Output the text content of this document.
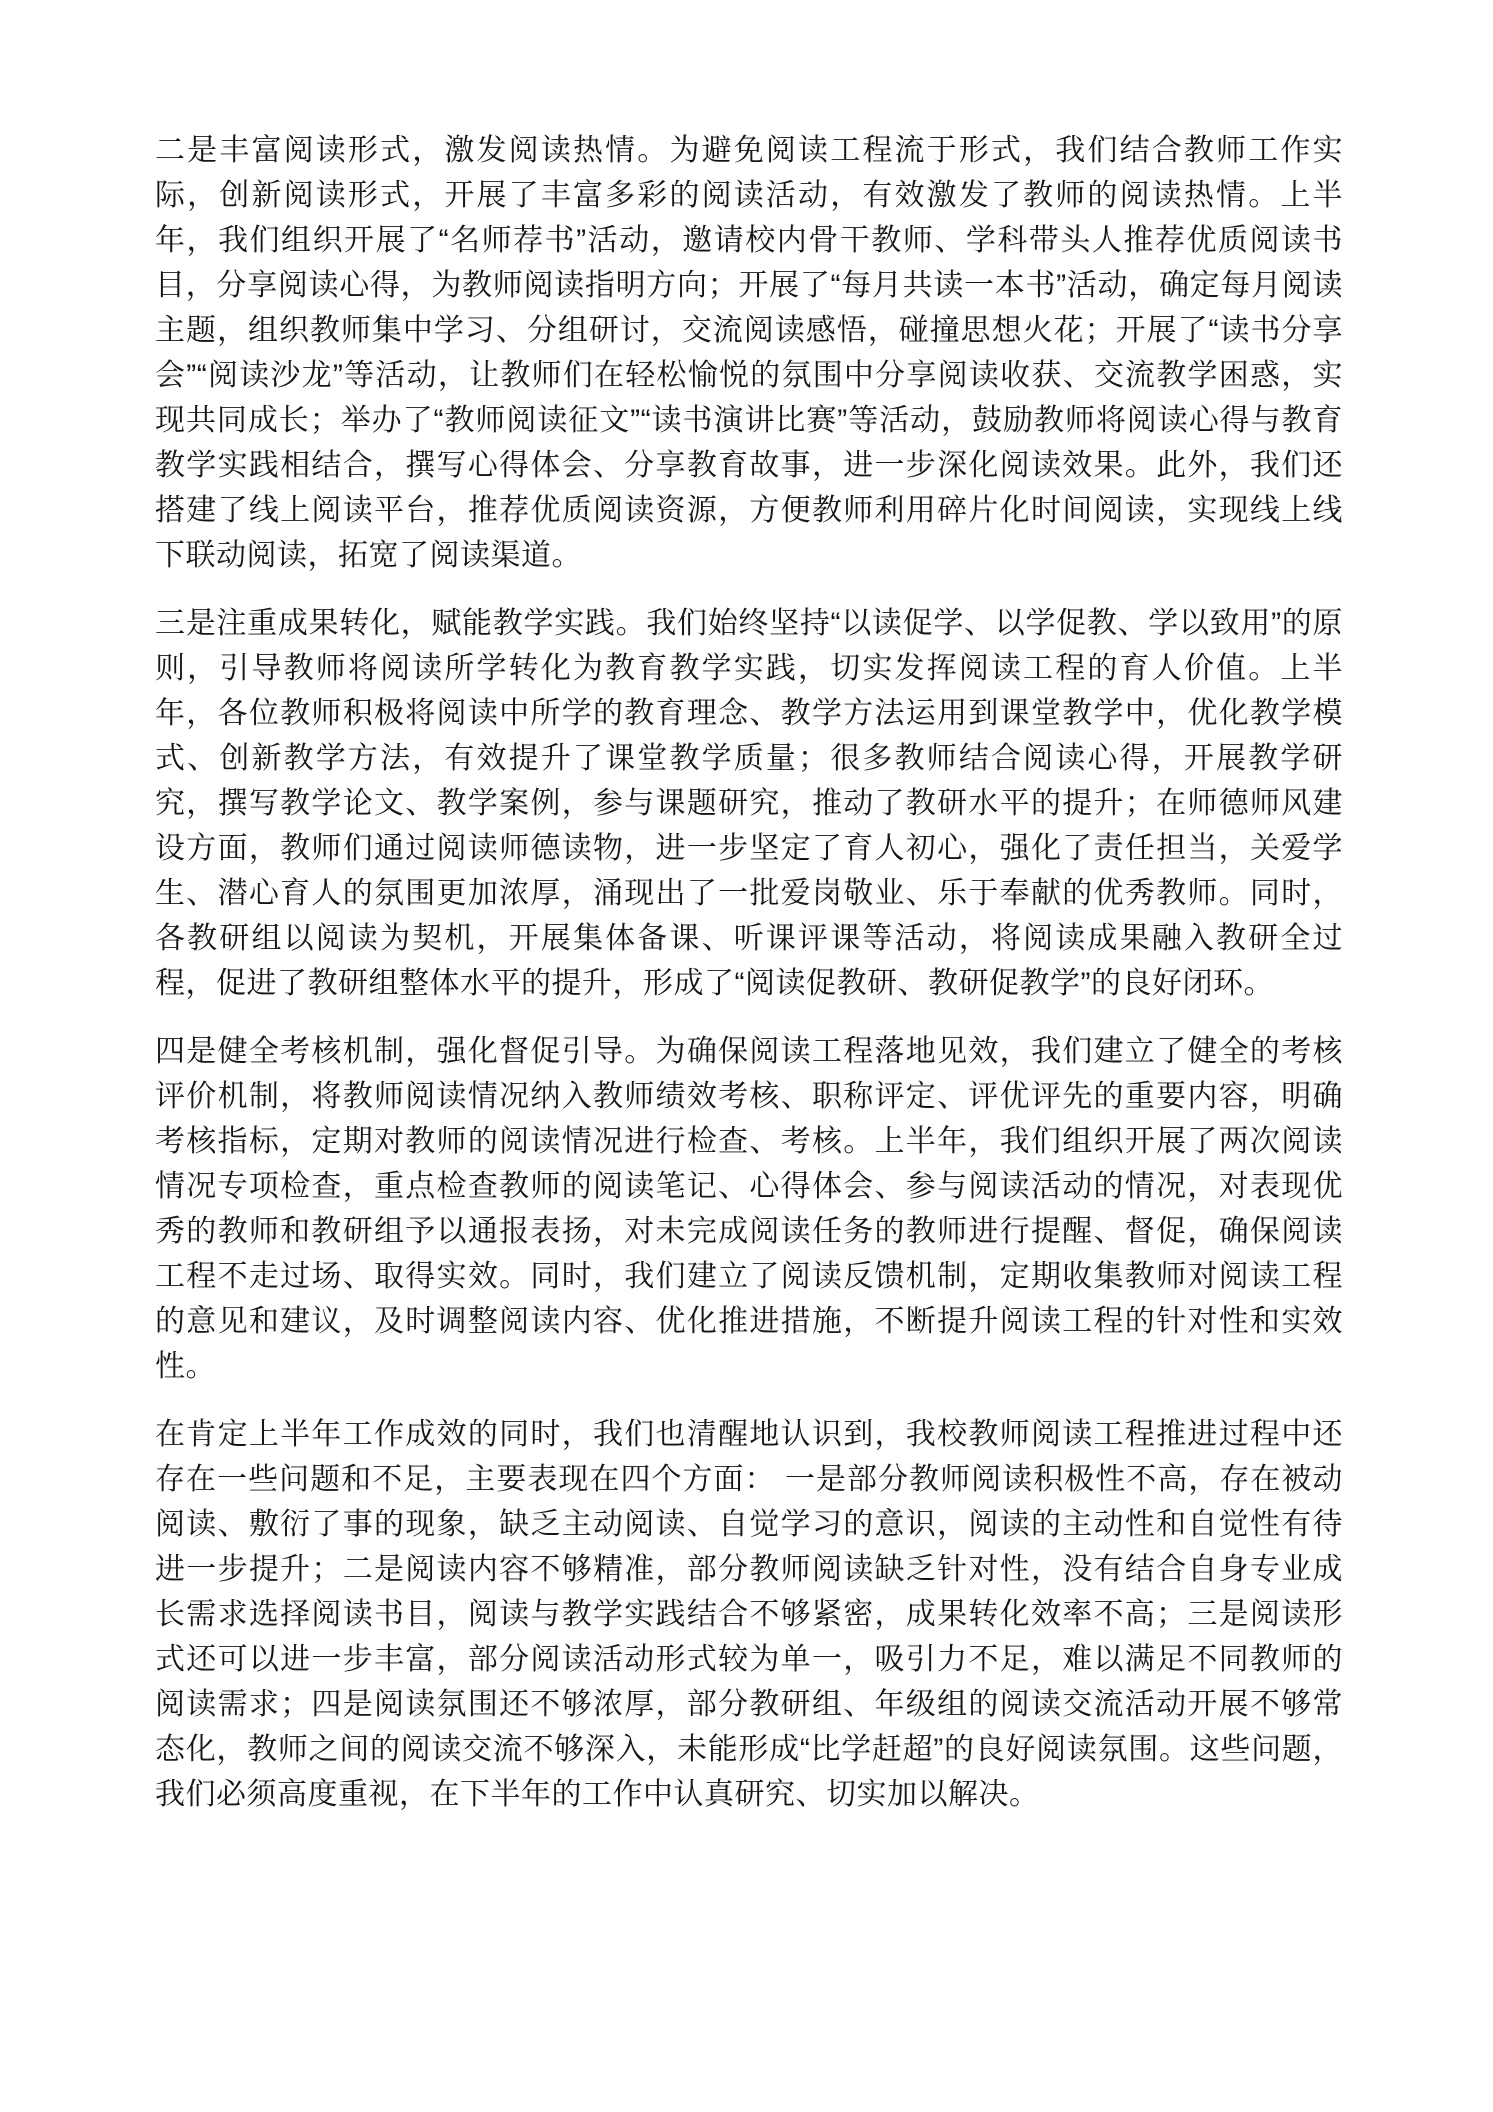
二是丰富阅读形式，激发阅读热情。为避免阅读工程流于形式，我们结合教师工作实际，创新阅读形式，开展了丰富多彩的阅读活动，有效激发了教师的阅读热情。上半年，我们组织开展了“名师荐书”活动，邀请校内骨干教师、学科带头人推荐优质阅读书目，分享阅读心得，为教师阅读指明方向；开展了“每月共读一本书”活动，确定每月阅读主题，组织教师集中学习、分组研讨，交流阅读感悟，碰撞思想火花；开展了“读书分享会”“阅读沙龙”等活动，让教师们在轻松愉悦的氛围中分享阅读收获、交流教学困惑，实现共同成长；举办了“教师阅读征文”“读书演讲比赛”等活动，鼓励教师将阅读心得与教育教学实践相结合，撰写心得体会、分享教育故事，进一步深化阅读效果。此外，我们还搭建了线上阅读平台，推荐优质阅读资源，方便教师利用碎片化时间阅读，实现线上线下联动阅读，拓宽了阅读渠道。

三是注重成果转化，赋能教学实践。我们始终坚持“以读促学、以学促教、学以致用”的原则，引导教师将阅读所学转化为教育教学实践，切实发挥阅读工程的育人价值。上半年，各位教师积极将阅读中所学的教育理念、教学方法运用到课堂教学中，优化教学模式、创新教学方法，有效提升了课堂教学质量；很多教师结合阅读心得，开展教学研究，撰写教学论文、教学案例，参与课题研究，推动了教研水平的提升；在师德师风建设方面，教师们通过阅读师德读物，进一步坚定了育人初心，强化了责任担当，关爱学生、潜心育人的氛围更加浓厚，涌现出了一批爱岗敬业、乐于奉献的优秀教师。同时，各教研组以阅读为契机，开展集体备课、听课评课等活动，将阅读成果融入教研全过程，促进了教研组整体水平的提升，形成了“阅读促教研、教研促教学”的良好闭环。

四是健全考核机制，强化督促引导。为确保阅读工程落地见效，我们建立了健全的考核评价机制，将教师阅读情况纳入教师绩效考核、职称评定、评优评先的重要内容，明确考核指标，定期对教师的阅读情况进行检查、考核。上半年，我们组织开展了两次阅读情况专项检查，重点检查教师的阅读笔记、心得体会、参与阅读活动的情况，对表现优秀的教师和教研组予以通报表扬，对未完成阅读任务的教师进行提醒、督促，确保阅读工程不走过场、取得实效。同时，我们建立了阅读反馈机制，定期收集教师对阅读工程的意见和建议，及时调整阅读内容、优化推进措施，不断提升阅读工程的针对性和实效性。

在肯定上半年工作成效的同时，我们也清醒地认识到，我校教师阅读工程推进过程中还存在一些问题和不足，主要表现在四个方面： 一是部分教师阅读积极性不高，存在被动阅读、敷衍了事的现象，缺乏主动阅读、自觉学习的意识，阅读的主动性和自觉性有待进一步提升；二是阅读内容不够精准，部分教师阅读缺乏针对性，没有结合自身专业成长需求选择阅读书目，阅读与教学实践结合不够紧密，成果转化效率不高；三是阅读形式还可以进一步丰富，部分阅读活动形式较为单一，吸引力不足，难以满足不同教师的阅读需求；四是阅读氛围还不够浓厚，部分教研组、年级组的阅读交流活动开展不够常态化，教师之间的阅读交流不够深入，未能形成“比学赶超”的良好阅读氛围。这些问题，我们必须高度重视，在下半年的工作中认真研究、切实加以解决。
